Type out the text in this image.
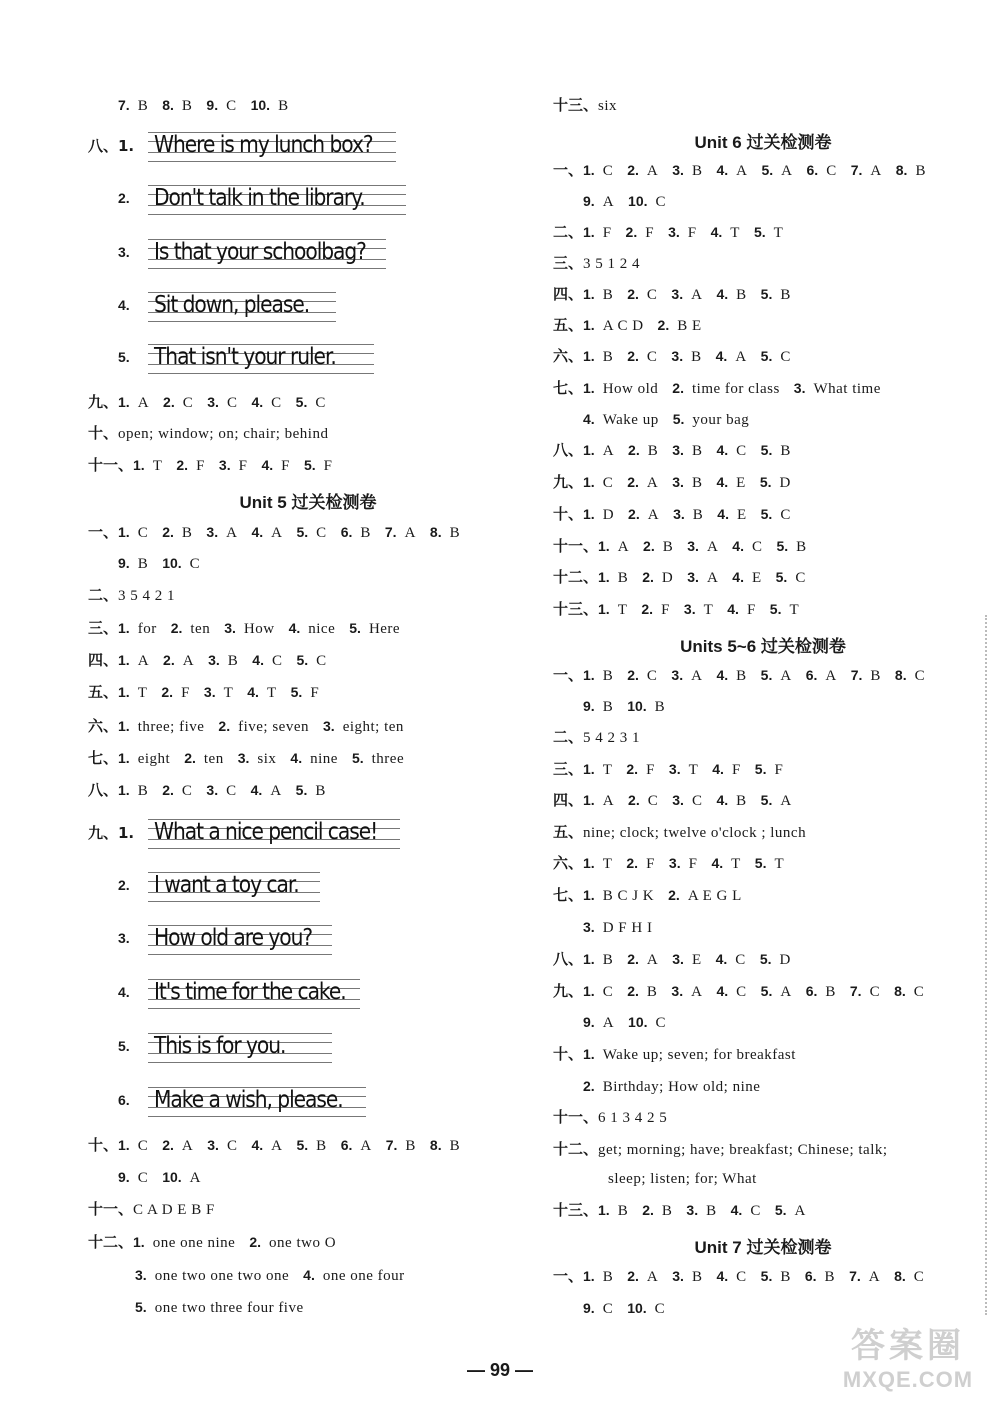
7. B 8. B 9. C 10. B
八、1. Where is my lunch box?
2. Don't talk in the library.
3. Is that your schoolbag?
4. Sit down, please.
5. That isn't your ruler.
九、1. A 2. C 3. C 4. C 5. C
十、open; window; on; chair; behind
十一、1. T 2. F 3. F 4. F 5. F
Unit 5 过关检测卷
一、1. C 2. B 3. A 4. A 5. C 6. B 7. A 8. B
9. B 10. C
二、3 5 4 2 1
三、1. for 2. ten 3. How 4. nice 5. Here
四、1. A 2. A 3. B 4. C 5. C
五、1. T 2. F 3. T 4. T 5. F
六、1. three; five 2. five; seven 3. eight; ten
七、1. eight 2. ten 3. six 4. nine 5. three
八、1. B 2. C 3. C 4. A 5. B
九、1. What a nice pencil case!
2. I want a toy car.
3. How old are you?
4. It's time for the cake.
5. This is for you.
6. Make a wish, please.
十、1. C 2. A 3. C 4. A 5. B 6. A 7. B 8. B
9. C 10. A
十一、C A D E B F
十二、1. one one nine 2. one two O
3. one two one two one 4. one one four
5. one two three four five
十三、six
Unit 6 过关检测卷
一、1. C 2. A 3. B 4. A 5. A 6. C 7. A 8. B
9. A 10. C
二、1. F 2. F 3. F 4. T 5. T
三、3 5 1 2 4
四、1. B 2. C 3. A 4. B 5. B
五、1. A C D 2. B E
六、1. B 2. C 3. B 4. A 5. C
七、1. How old 2. time for class 3. What time
4. Wake up 5. your bag
八、1. A 2. B 3. B 4. C 5. B
九、1. C 2. A 3. B 4. E 5. D
十、1. D 2. A 3. B 4. E 5. C
十一、1. A 2. B 3. A 4. C 5. B
十二、1. B 2. D 3. A 4. E 5. C
十三、1. T 2. F 3. T 4. F 5. T
Units 5~6 过关检测卷
一、1. B 2. C 3. A 4. B 5. A 6. A 7. B 8. C
9. B 10. B
二、5 4 2 3 1
三、1. T 2. F 3. T 4. F 5. F
四、1. A 2. C 3. C 4. B 5. A
五、nine; clock; twelve o'clock ; lunch
六、1. T 2. F 3. F 4. T 5. T
七、1. B C J K 2. A E G L
3. D F H I
八、1. B 2. A 3. E 4. C 5. D
九、1. C 2. B 3. A 4. C 5. A 6. B 7. C 8. C
9. A 10. C
十、1. Wake up; seven; for breakfast
2. Birthday; How old; nine
十一、6 1 3 4 2 5
十二、get; morning; have; breakfast; Chinese; talk;
sleep; listen; for; What
十三、1. B 2. B 3. B 4. C 5. A
Unit 7 过关检测卷
一、1. B 2. A 3. B 4. C 5. B 6. B 7. A 8. C
9. C 10. C
— 99 —
答案圈
MXQE.COM
